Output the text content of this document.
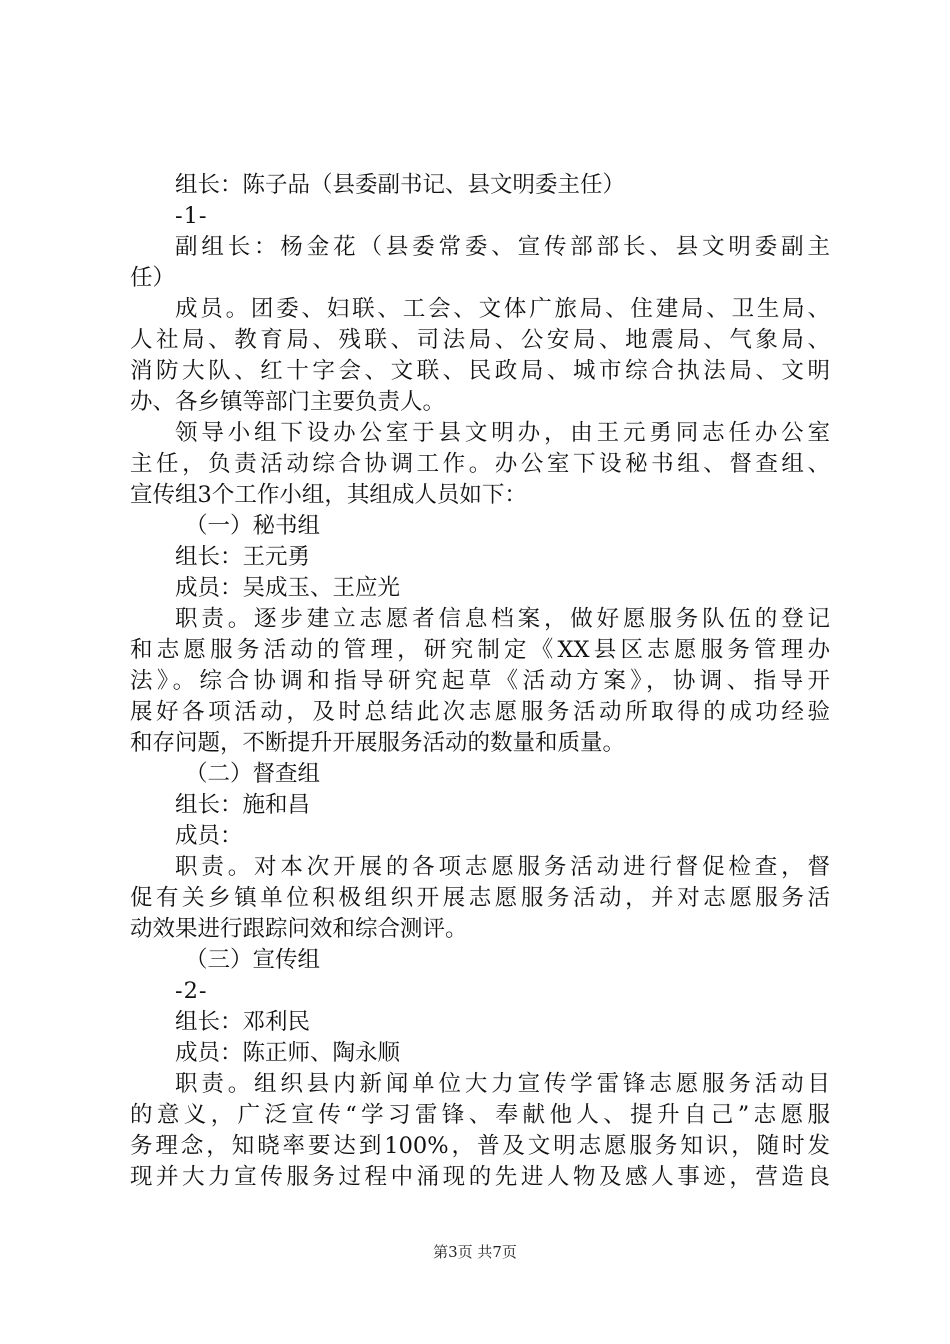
组长：陈子品（县委副书记、县文明委主任）
-1-
副组长：杨金花（县委常委、宣传部部长、县文明委副主
任）
成员。团委、妇联、工会、文体广旅局、住建局、卫生局、
人社局、教育局、残联、司法局、公安局、地震局、气象局、
消防大队、红十字会、文联、民政局、城市综合执法局、文明
办、各乡镇等部门主要负责人。
领导小组下设办公室于县文明办，由王元勇同志任办公室
主任，负责活动综合协调工作。办公室下设秘书组、督查组、
宣传组3个工作小组，其组成人员如下：
（一）秘书组
组长：王元勇
成员：吴成玉、王应光
职责。逐步建立志愿者信息档案，做好愿服务队伍的登记
和志愿服务活动的管理，研究制定《XX县区志愿服务管理办
法》。综合协调和指导研究起草《活动方案》，协调、指导开
展好各项活动，及时总结此次志愿服务活动所取得的成功经验
和存问题，不断提升开展服务活动的数量和质量。
（二）督查组
组长：施和昌
成员：
职责。对本次开展的各项志愿服务活动进行督促检查，督
促有关乡镇单位积极组织开展志愿服务活动，并对志愿服务活
动效果进行跟踪问效和综合测评。
（三）宣传组
-2-
组长：邓利民
成员：陈正师、陶永顺
职责。组织县内新闻单位大力宣传学雷锋志愿服务活动目
的意义，广泛宣传“学习雷锋、奉献他人、提升自己”志愿服
务理念，知晓率要达到100%，普及文明志愿服务知识，随时发
现并大力宣传服务过程中涌现的先进人物及感人事迹，营造良
第3页 共7页
